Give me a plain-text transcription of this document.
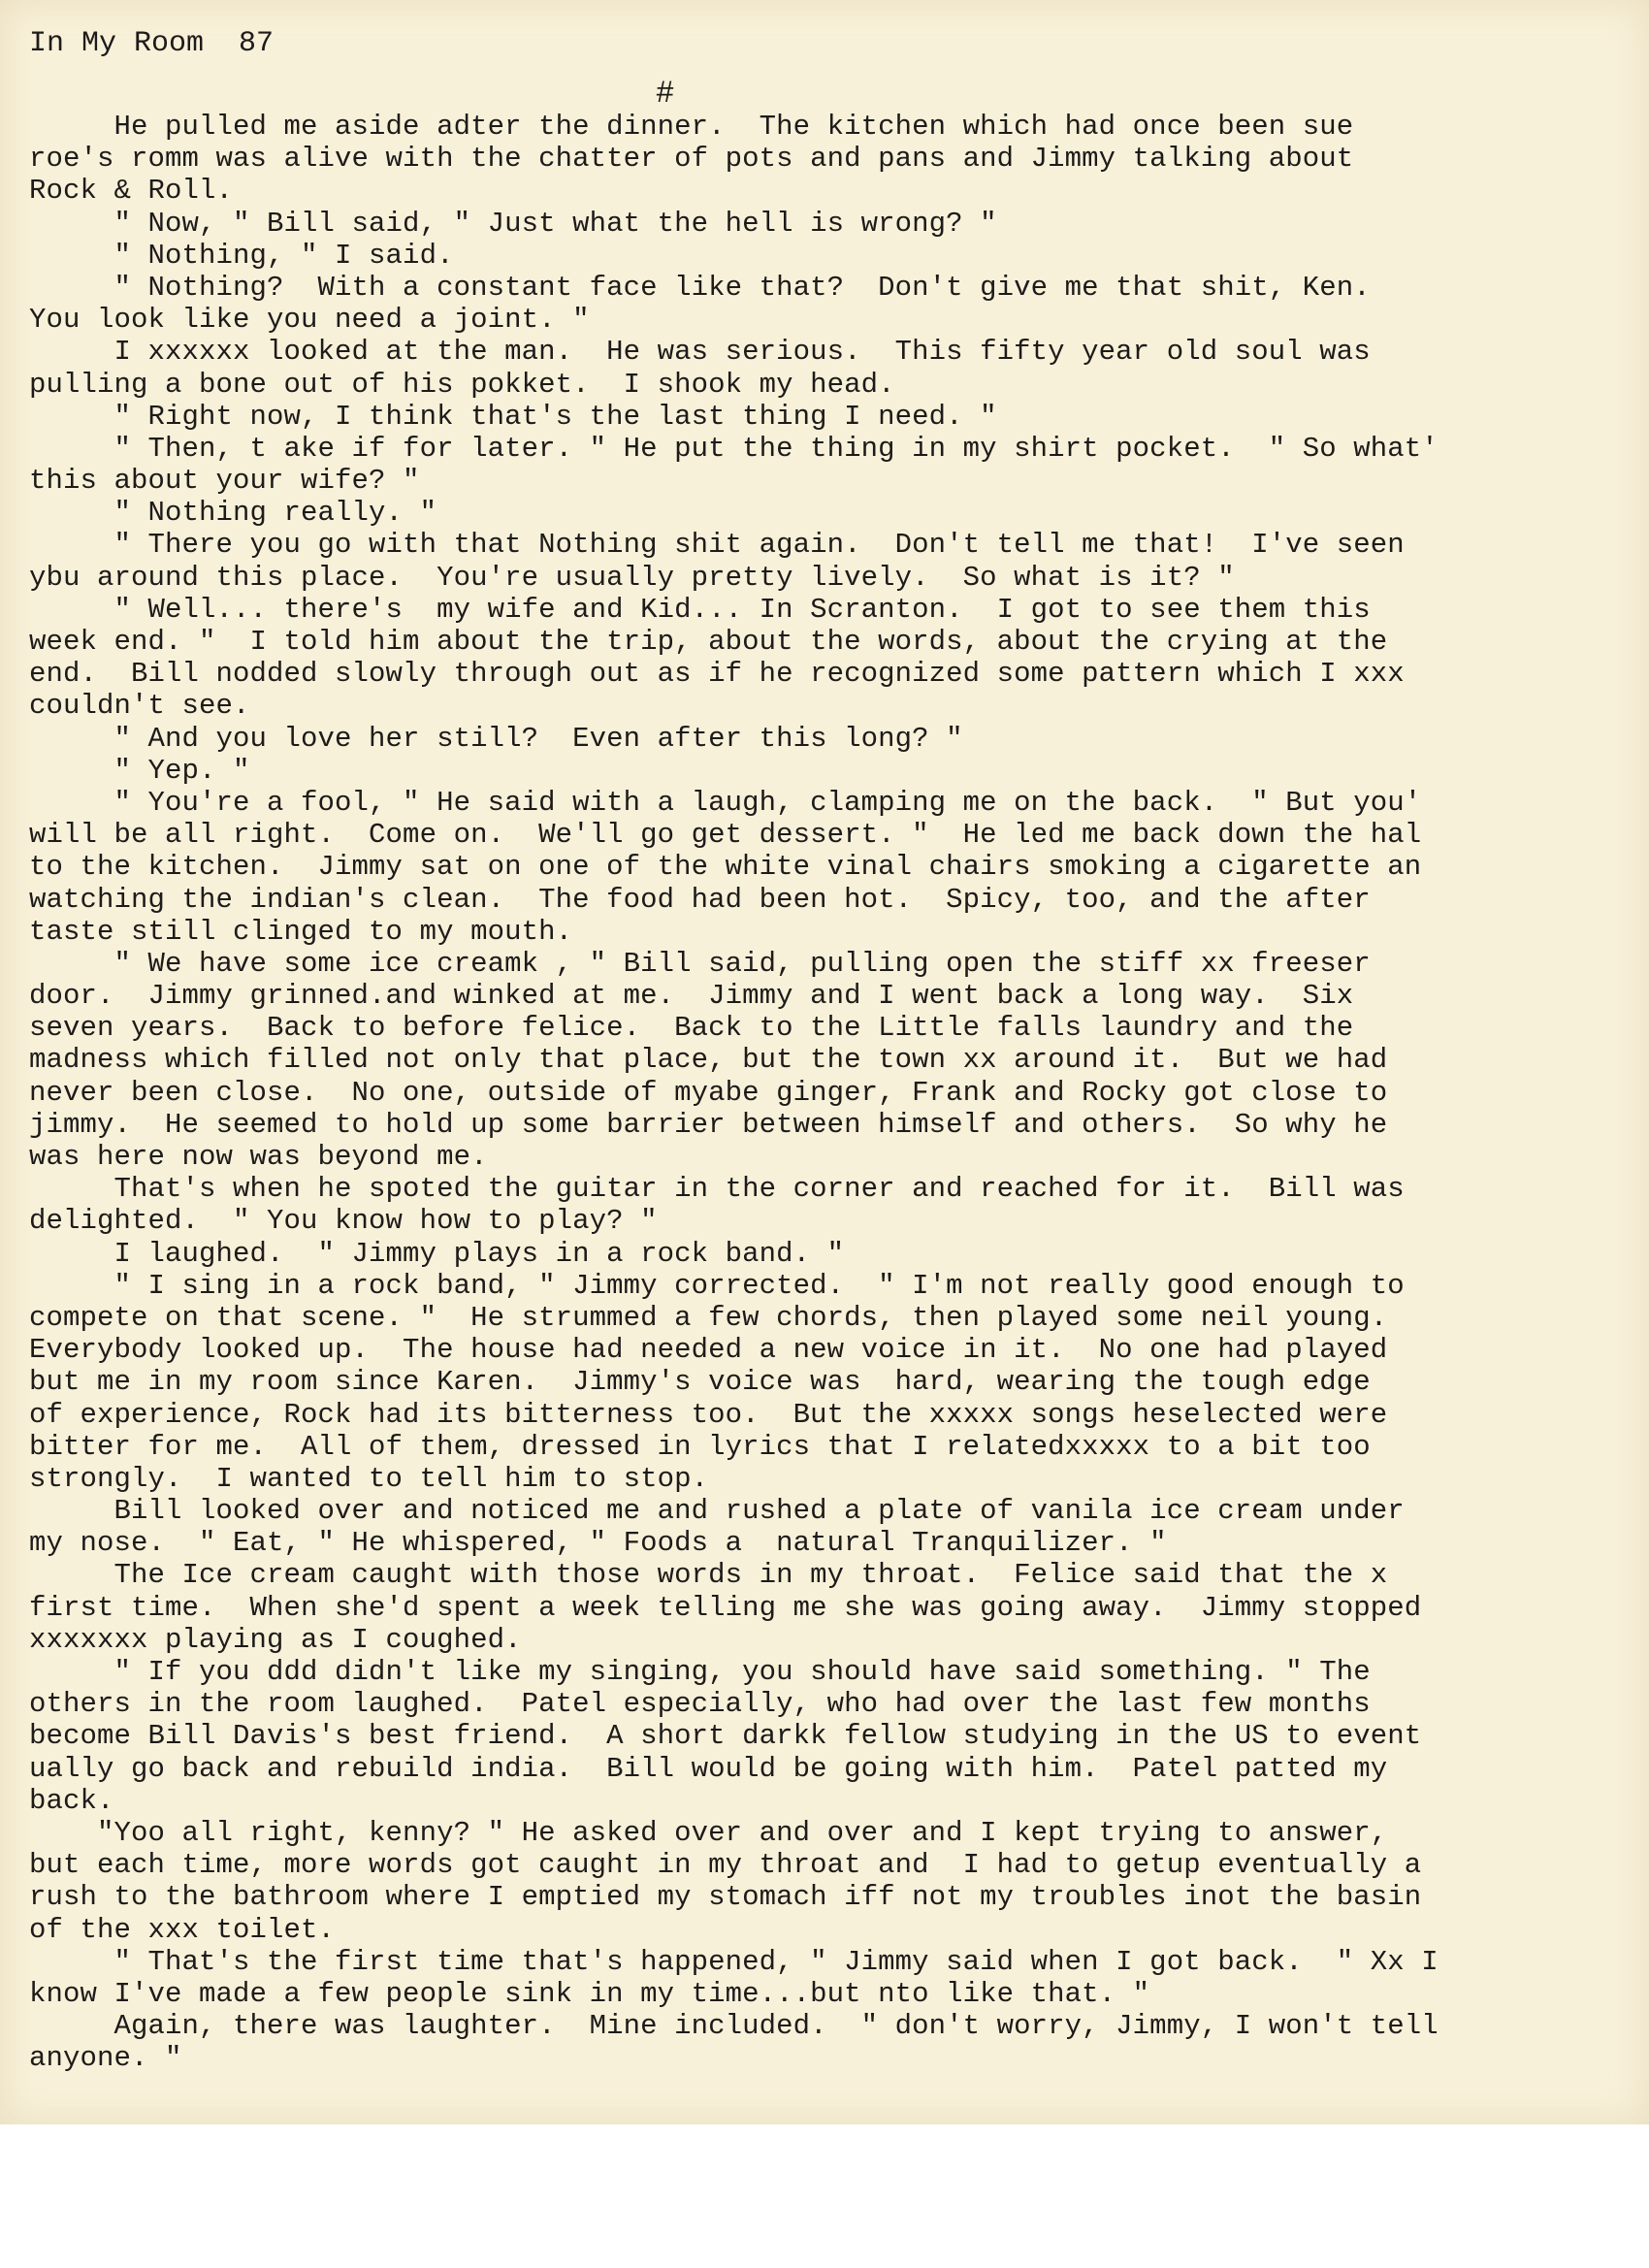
In My Room  87
#
He pulled me aside adter the dinner.  The kitchen which had once been sue
roe's romm was alive with the chatter of pots and pans and Jimmy talking about
Rock & Roll.
" Now, " Bill said, " Just what the hell is wrong? "
" Nothing, " I said.
" Nothing?  With a constant face like that?  Don't give me that shit, Ken.
You look like you need a joint. "
I xxxxxx looked at the man.  He was serious.  This fifty year old soul was
pulling a bone out of his pokket.  I shook my head.
" Right now, I think that's the last thing I need. "
" Then, t ake if for later. " He put the thing in my shirt pocket.  " So what'
this about your wife? "
" Nothing really. "
" There you go with that Nothing shit again.  Don't tell me that!  I've seen
ybu around this place.  You're usually pretty lively.  So what is it? "
" Well... there's  my wife and Kid... In Scranton.  I got to see them this
week end. "  I told him about the trip, about the words, about the crying at the
end.  Bill nodded slowly through out as if he recognized some pattern which I xxx
couldn't see.
" And you love her still?  Even after this long? "
" Yep. "
" You're a fool, " He said with a laugh, clamping me on the back.  " But you'
will be all right.  Come on.  We'll go get dessert. "  He led me back down the hal
to the kitchen.  Jimmy sat on one of the white vinal chairs smoking a cigarette an
watching the indian's clean.  The food had been hot.  Spicy, too, and the after
taste still clinged to my mouth.
" We have some ice creamk , " Bill said, pulling open the stiff xx freeser
door.  Jimmy grinned.and winked at me.  Jimmy and I went back a long way.  Six
seven years.  Back to before felice.  Back to the Little falls laundry and the
madness which filled not only that place, but the town xx around it.  But we had
never been close.  No one, outside of myabe ginger, Frank and Rocky got close to
jimmy.  He seemed to hold up some barrier between himself and others.  So why he
was here now was beyond me.
That's when he spoted the guitar in the corner and reached for it.  Bill was
delighted.  " You know how to play? "
I laughed.  " Jimmy plays in a rock band. "
" I sing in a rock band, " Jimmy corrected.  " I'm not really good enough to
compete on that scene. "  He strummed a few chords, then played some neil young.
Everybody looked up.  The house had needed a new voice in it.  No one had played
but me in my room since Karen.  Jimmy's voice was  hard, wearing the tough edge
of experience, Rock had its bitterness too.  But the xxxxx songs heselected were
bitter for me.  All of them, dressed in lyrics that I relatedxxxxx to a bit too
strongly.  I wanted to tell him to stop.
Bill looked over and noticed me and rushed a plate of vanila ice cream under
my nose.  " Eat, " He whispered, " Foods a  natural Tranquilizer. "
The Ice cream caught with those words in my throat.  Felice said that the x
first time.  When she'd spent a week telling me she was going away.  Jimmy stopped
xxxxxxx playing as I coughed.
" If you ddd didn't like my singing, you should have said something. " The
others in the room laughed.  Patel especially, who had over the last few months
become Bill Davis's best friend.  A short darkk fellow studying in the US to event
ually go back and rebuild india.  Bill would be going with him.  Patel patted my
back.
"Yoo all right, kenny? " He asked over and over and I kept trying to answer,
but each time, more words got caught in my throat and  I had to getup eventually a
rush to the bathroom where I emptied my stomach iff not my troubles inot the basin
of the xxx toilet.
" That's the first time that's happened, " Jimmy said when I got back.  " Xx I
know I've made a few people sink in my time...but nto like that. "
Again, there was laughter.  Mine included.  " don't worry, Jimmy, I won't tell
anyone. "
